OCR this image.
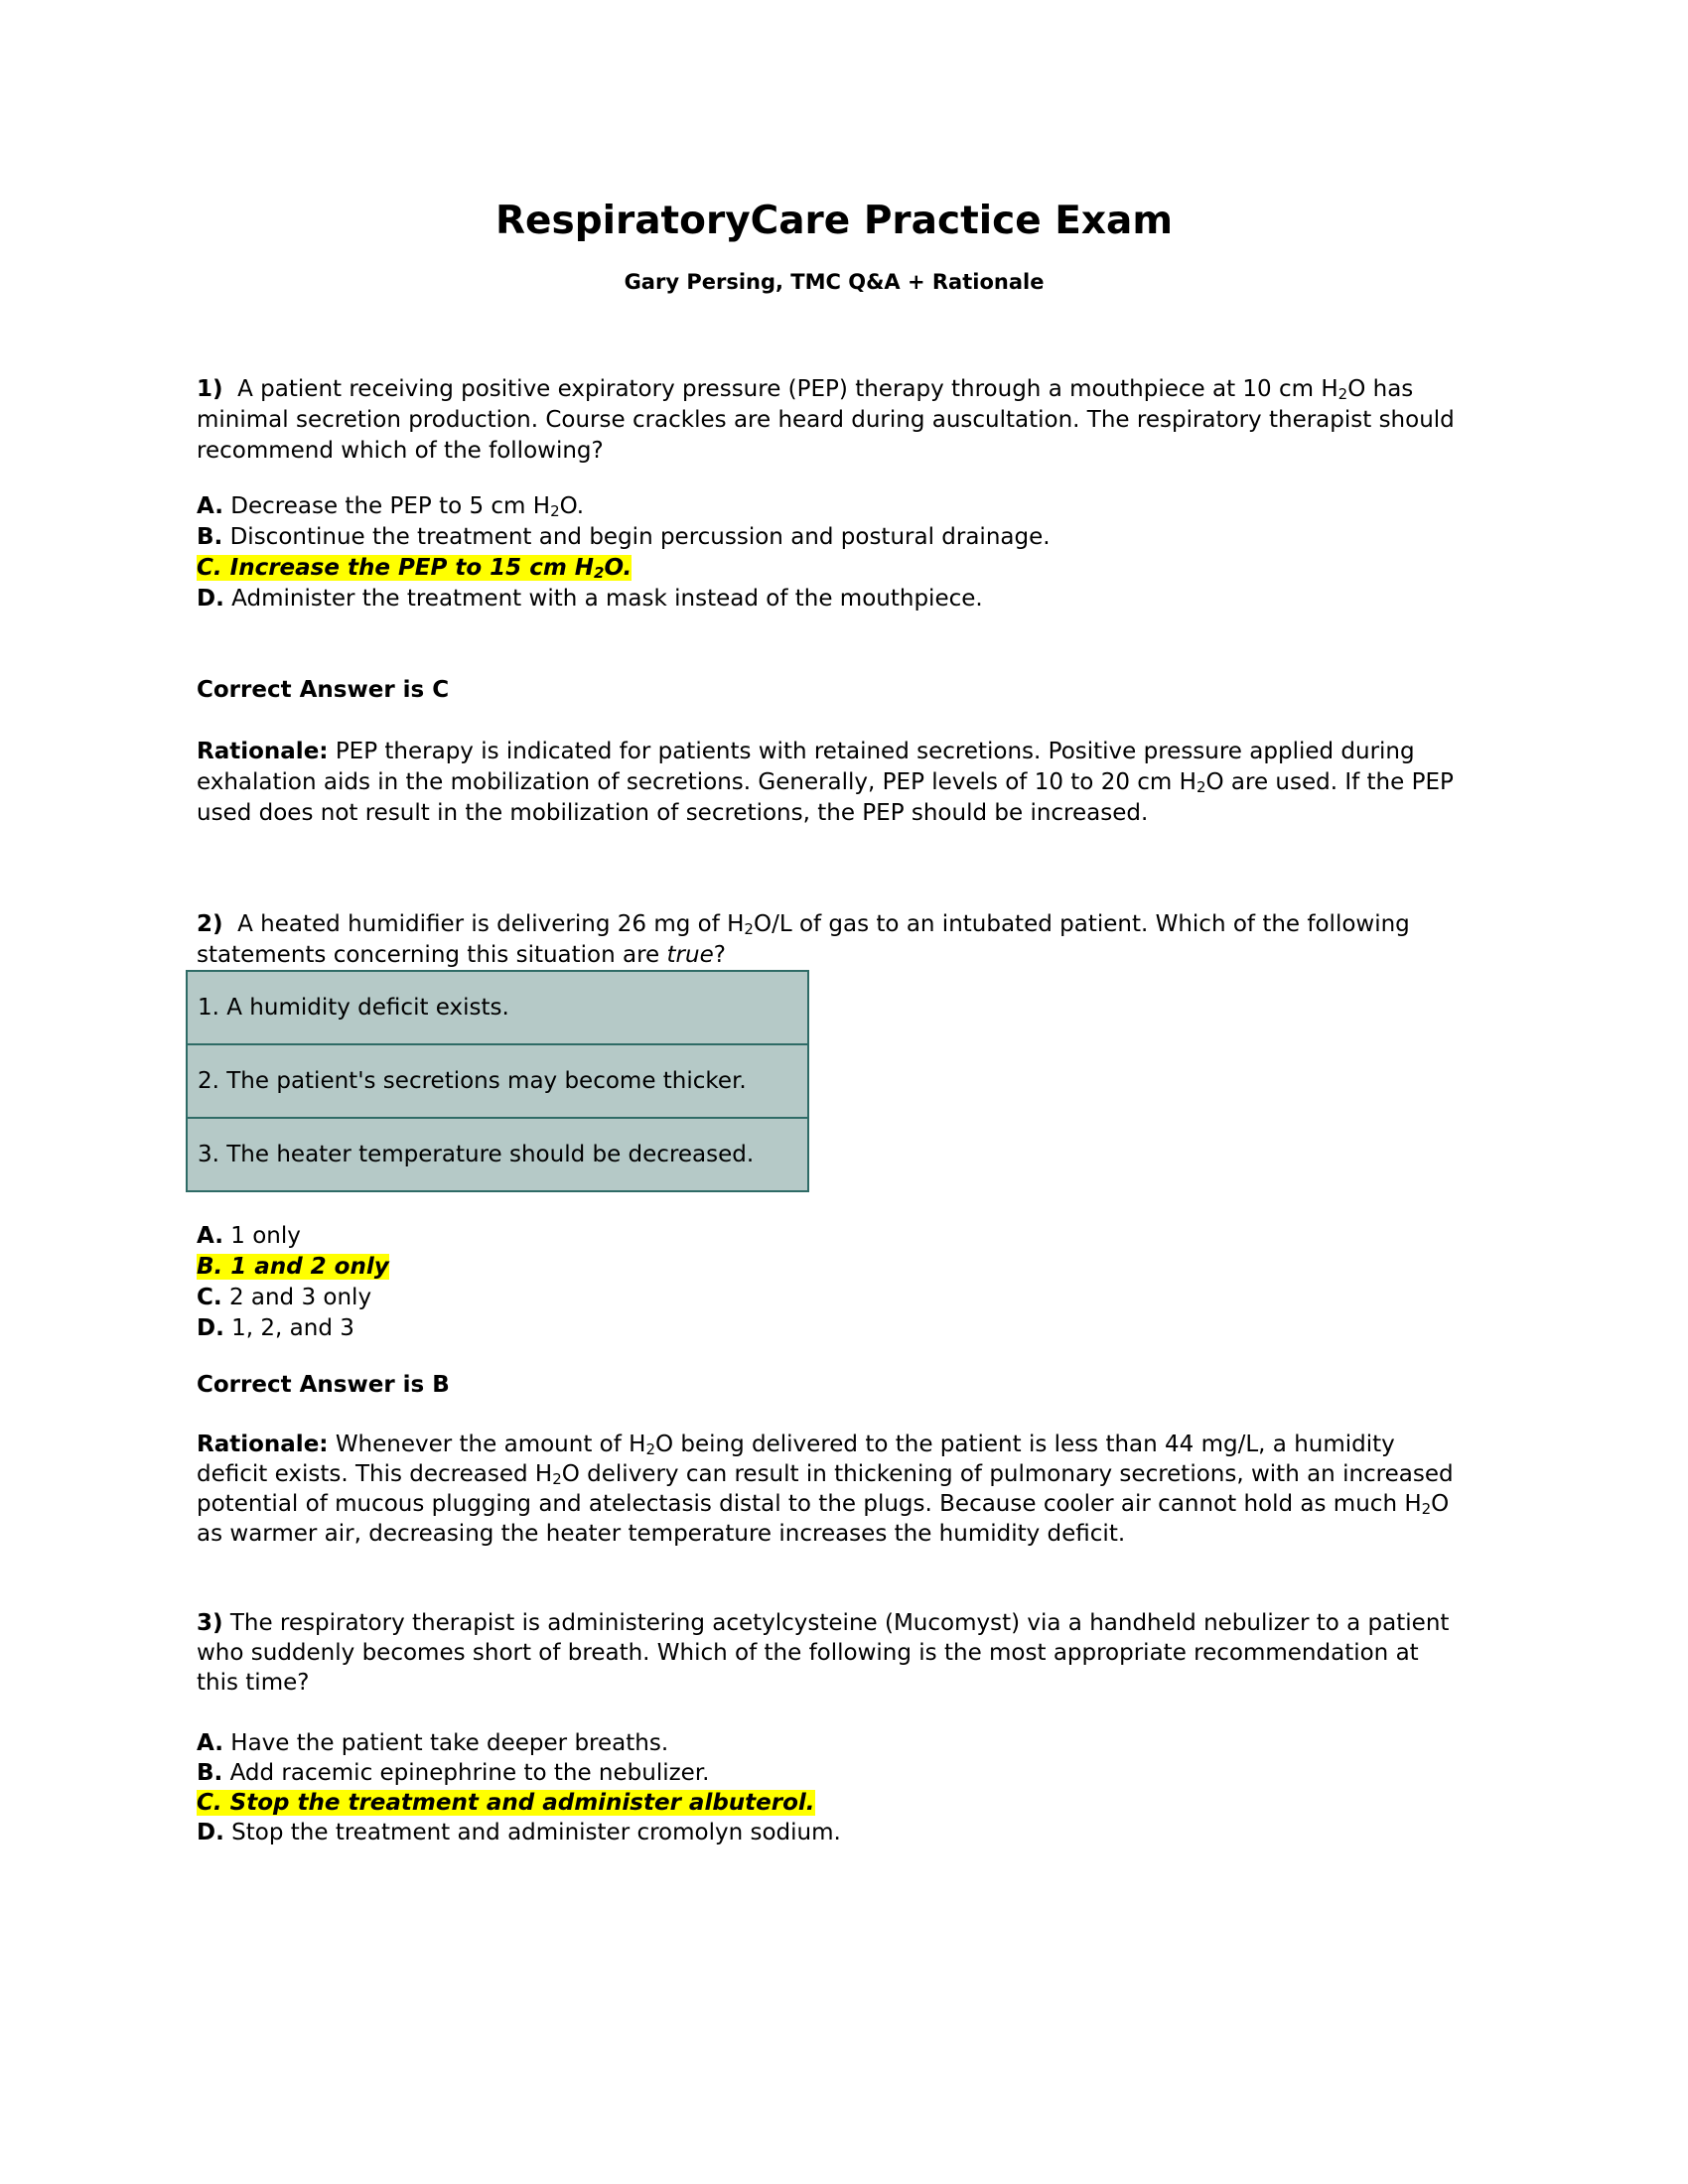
RespiratoryCare Practice Exam
Gary Persing, TMC Q&A + Rationale
1) A patient receiving positive expiratory pressure (PEP) therapy through a mouthpiece at 10 cm $H_2O$ has minimal secretion production. Course crackles are heard during auscultation. The respiratory therapist should recommend which of the following?
A. Decrease the PEP to 5 cm $H_2O$.
B. Discontinue the treatment and begin percussion and postural drainage.
C. Increase the PEP to 15 cm $H_2O$.
D. Administer the treatment with a mask instead of the mouthpiece.
Correct Answer is C
Rationale: PEP therapy is indicated for patients with retained secretions. Positive pressure applied during exhalation aids in the mobilization of secretions. Generally, PEP levels of 10 to 20 cm $H_2O$ are used. If the PEP used does not result in the mobilization of secretions, the PEP should be increased.
2) A heated humidifier is delivering 26 mg of $H_2O/L$ of gas to an intubated patient. Which of the following statements concerning this situation are true?
1. A humidity deficit exists.
2. The patient's secretions may become thicker.
3. The heater temperature should be decreased.
A. 1 only
B. 1 and 2 only
C. 2 and 3 only
D. 1, 2, and 3
Correct Answer is B
Rationale: Whenever the amount of $H_2O$ being delivered to the patient is less than 44 mg/L, a humidity deficit exists. This decreased $H_2O$ delivery can result in thickening of pulmonary secretions, with an increased potential of mucous plugging and atelectasis distal to the plugs. Because cooler air cannot hold as much $H_2O$ as warmer air, decreasing the heater temperature increases the humidity deficit.
3) The respiratory therapist is administering acetylcysteine (Mucomyst) via a handheld nebulizer to a patient who suddenly becomes short of breath. Which of the following is the most appropriate recommendation at this time?
A. Have the patient take deeper breaths.
B. Add racemic epinephrine to the nebulizer.
C. Stop the treatment and administer albuterol.
D. Stop the treatment and administer cromolyn sodium.
